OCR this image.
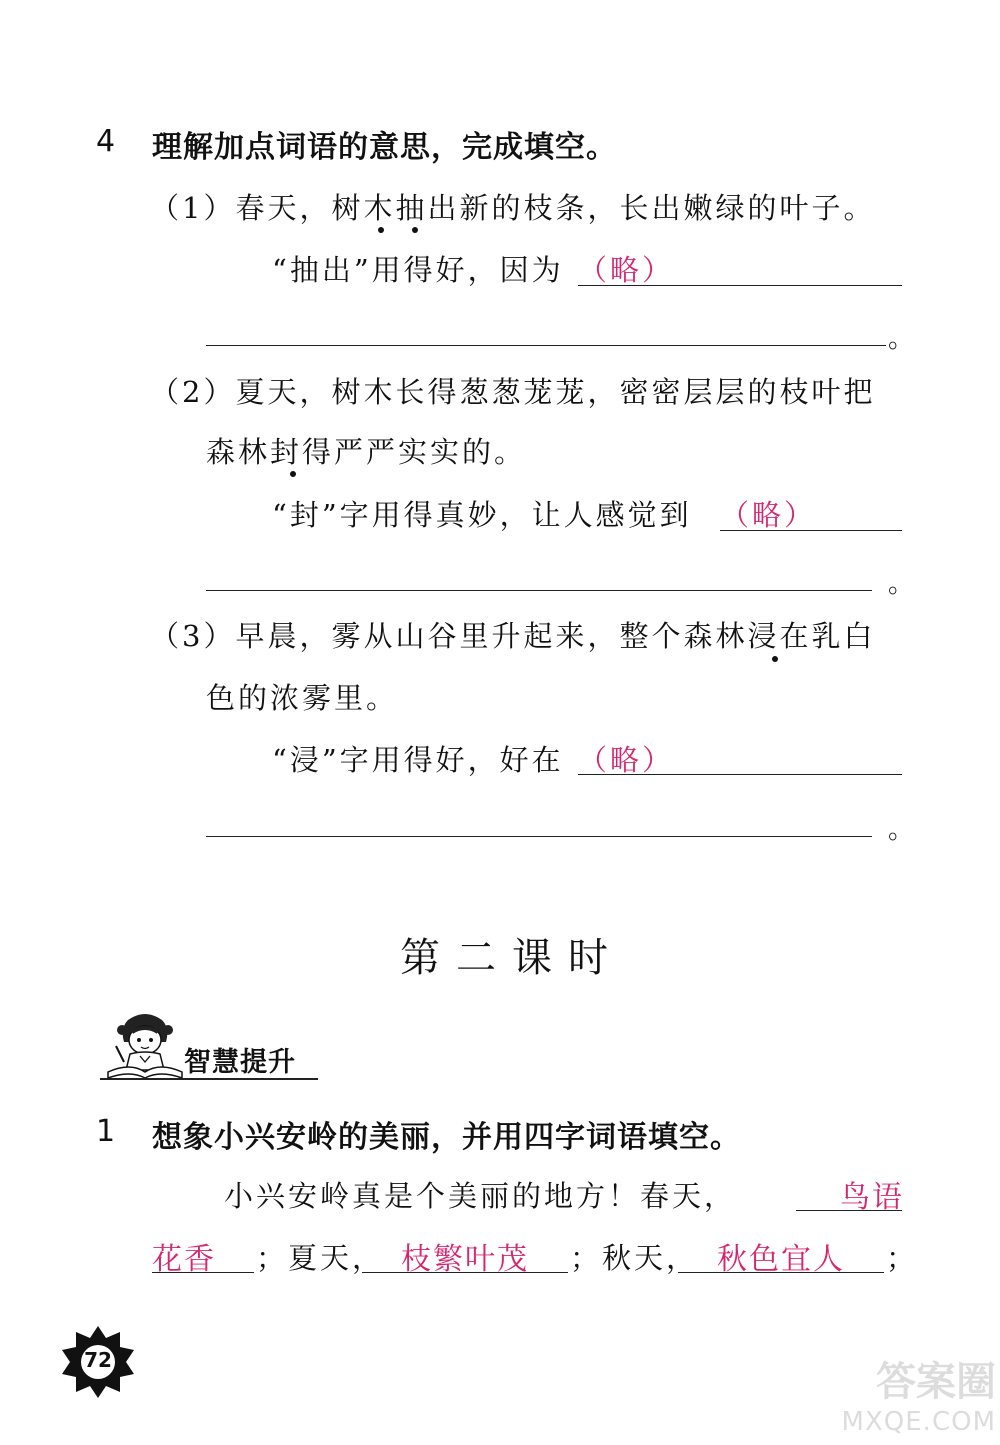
4 理解加点词语的意思，完成填空。
（1）春天，树木抽出新的枝条，长出嫩绿的叶子。
“抽出”用得好，因为 （略）
。
（2）夏天，树木长得葱葱茏茏，密密层层的枝叶把
森林封得严严实实的。
“封”字用得真妙，让人感觉到 （略）
。
（3）早晨，雾从山谷里升起来，整个森林浸在乳白
色的浓雾里。
“浸”字用得好，好在 （略）
。
第二课时
智慧提升
1 想象小兴安岭的美丽，并用四字词语填空。
小兴安岭真是个美丽的地方！春天，	鸟语
花香	；夏天， 枝繁叶茂	；秋天， 秋色宜人	；
72	答案圈
MXQE.COM
